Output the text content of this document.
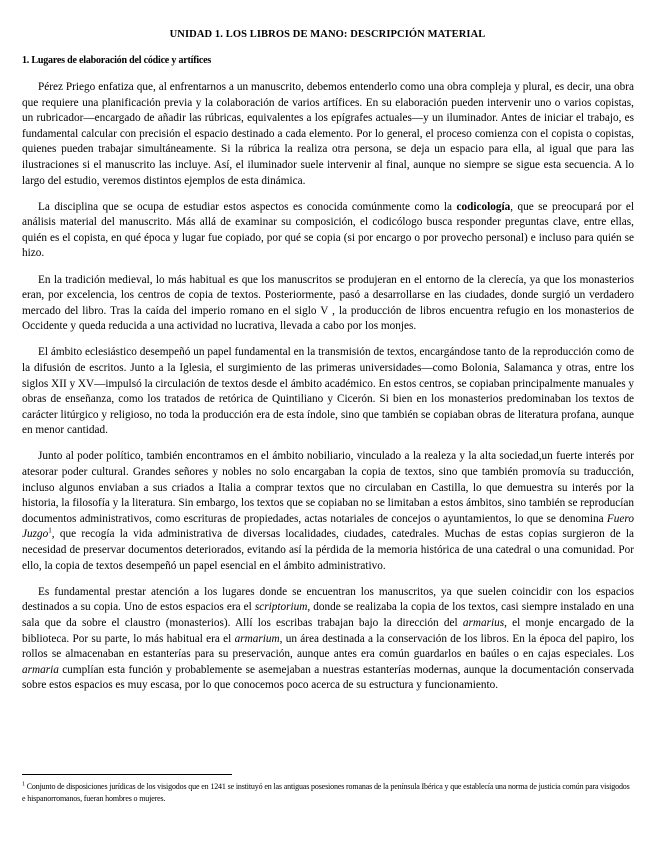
UNIDAD 1. LOS LIBROS DE MANO: DESCRIPCIÓN MATERIAL
1. Lugares de elaboración del códice y artífices

Pérez Priego enfatiza que, al enfrentarnos a un manuscrito, debemos entenderlo como una obra compleja y plural, es decir, una obra que requiere una planificación previa y la colaboración de varios artífices. En su elaboración pueden intervenir uno o varios copistas, un rubricador—encargado de añadir las rúbricas, equivalentes a los epígrafes actuales—y un iluminador. Antes de iniciar el trabajo, es fundamental calcular con precisión el espacio destinado a cada elemento. Por lo general, el proceso comienza con el copista o copistas, quienes pueden trabajar simultáneamente. Si la rúbrica la realiza otra persona, se deja un espacio para ella, al igual que para las ilustraciones si el manuscrito las incluye. Así, el iluminador suele intervenir al final, aunque no siempre se sigue esta secuencia. A lo largo del estudio, veremos distintos ejemplos de esta dinámica.

La disciplina que se ocupa de estudiar estos aspectos es conocida comúnmente como la codicología, que se preocupará por el análisis material del manuscrito. Más allá de examinar su composición, el codicólogo busca responder preguntas clave, entre ellas, quién es el copista, en qué época y lugar fue copiado, por qué se copia (si por encargo o por provecho personal) e incluso para quién se hizo.

En la tradición medieval, lo más habitual es que los manuscritos se produjeran en el entorno de la clerecía, ya que los monasterios eran, por excelencia, los centros de copia de textos. Posteriormente, pasó a desarrollarse en las ciudades, donde surgió un verdadero mercado del libro. Tras la caída del imperio romano en el siglo V , la producción de libros encuentra refugio en los monasterios de Occidente y queda reducida a una actividad no lucrativa, llevada a cabo por los monjes.

El ámbito eclesiástico desempeñó un papel fundamental en la transmisión de textos, encargándose tanto de la reproducción como de la difusión de escritos. Junto a la Iglesia, el surgimiento de las primeras universidades—como Bolonia, Salamanca y otras, entre los siglos XII y XV—impulsó la circulación de textos desde el ámbito académico. En estos centros, se copiaban principalmente manuales y obras de enseñanza, como los tratados de retórica de Quintiliano y Cicerón. Si bien en los monasterios predominaban los textos de carácter litúrgico y religioso, no toda la producción era de esta índole, sino que también se copiaban obras de literatura profana, aunque en menor cantidad.

Junto al poder político, también encontramos en el ámbito nobiliario, vinculado a la realeza y la alta sociedad,un fuerte interés por atesorar poder cultural. Grandes señores y nobles no solo encargaban la copia de textos, sino que también promovía su traducción, incluso algunos enviaban a sus criados a Italia a comprar textos que no circulaban en Castilla, lo que demuestra su interés por la historia, la filosofía y la literatura. Sin embargo, los textos que se copiaban no se limitaban a estos ámbitos, sino también se reproducían documentos administrativos, como escrituras de propiedades, actas notariales de concejos o ayuntamientos, lo que se denomina Fuero Juzgo$^1$, que recogía la vida administrativa de diversas localidades, ciudades, catedrales. Muchas de estas copias surgieron de la necesidad de preservar documentos deteriorados, evitando así la pérdida de la memoria histórica de una catedral o una comunidad. Por ello, la copia de textos desempeñó un papel esencial en el ámbito administrativo.

Es fundamental prestar atención a los lugares donde se encuentran los manuscritos, ya que suelen coincidir con los espacios destinados a su copia. Uno de estos espacios era el scriptorium, donde se realizaba la copia de los textos, casi siempre instalado en una sala que da sobre el claustro (monasterios). Allí los escribas trabajan bajo la dirección del armarius, el monje encargado de la biblioteca. Por su parte, lo más habitual era el armarium, un área destinada a la conservación de los libros. En la época del papiro, los rollos se almacenaban en estanterías para su preservación, aunque antes era común guardarlos en baúles o en cajas especiales. Los armaria cumplían esta función y probablemente se asemejaban a nuestras estanterías modernas, aunque la documentación conservada sobre estos espacios es muy escasa, por lo que conocemos poco acerca de su estructura y funcionamiento.

$^1$ Conjunto de disposiciones jurídicas de los visigodos que en 1241 se instituyó en las antiguas posesiones romanas de la península Ibérica y que establecía una norma de justicia común para visigodos e hispanorromanos, fueran hombres o mujeres.
